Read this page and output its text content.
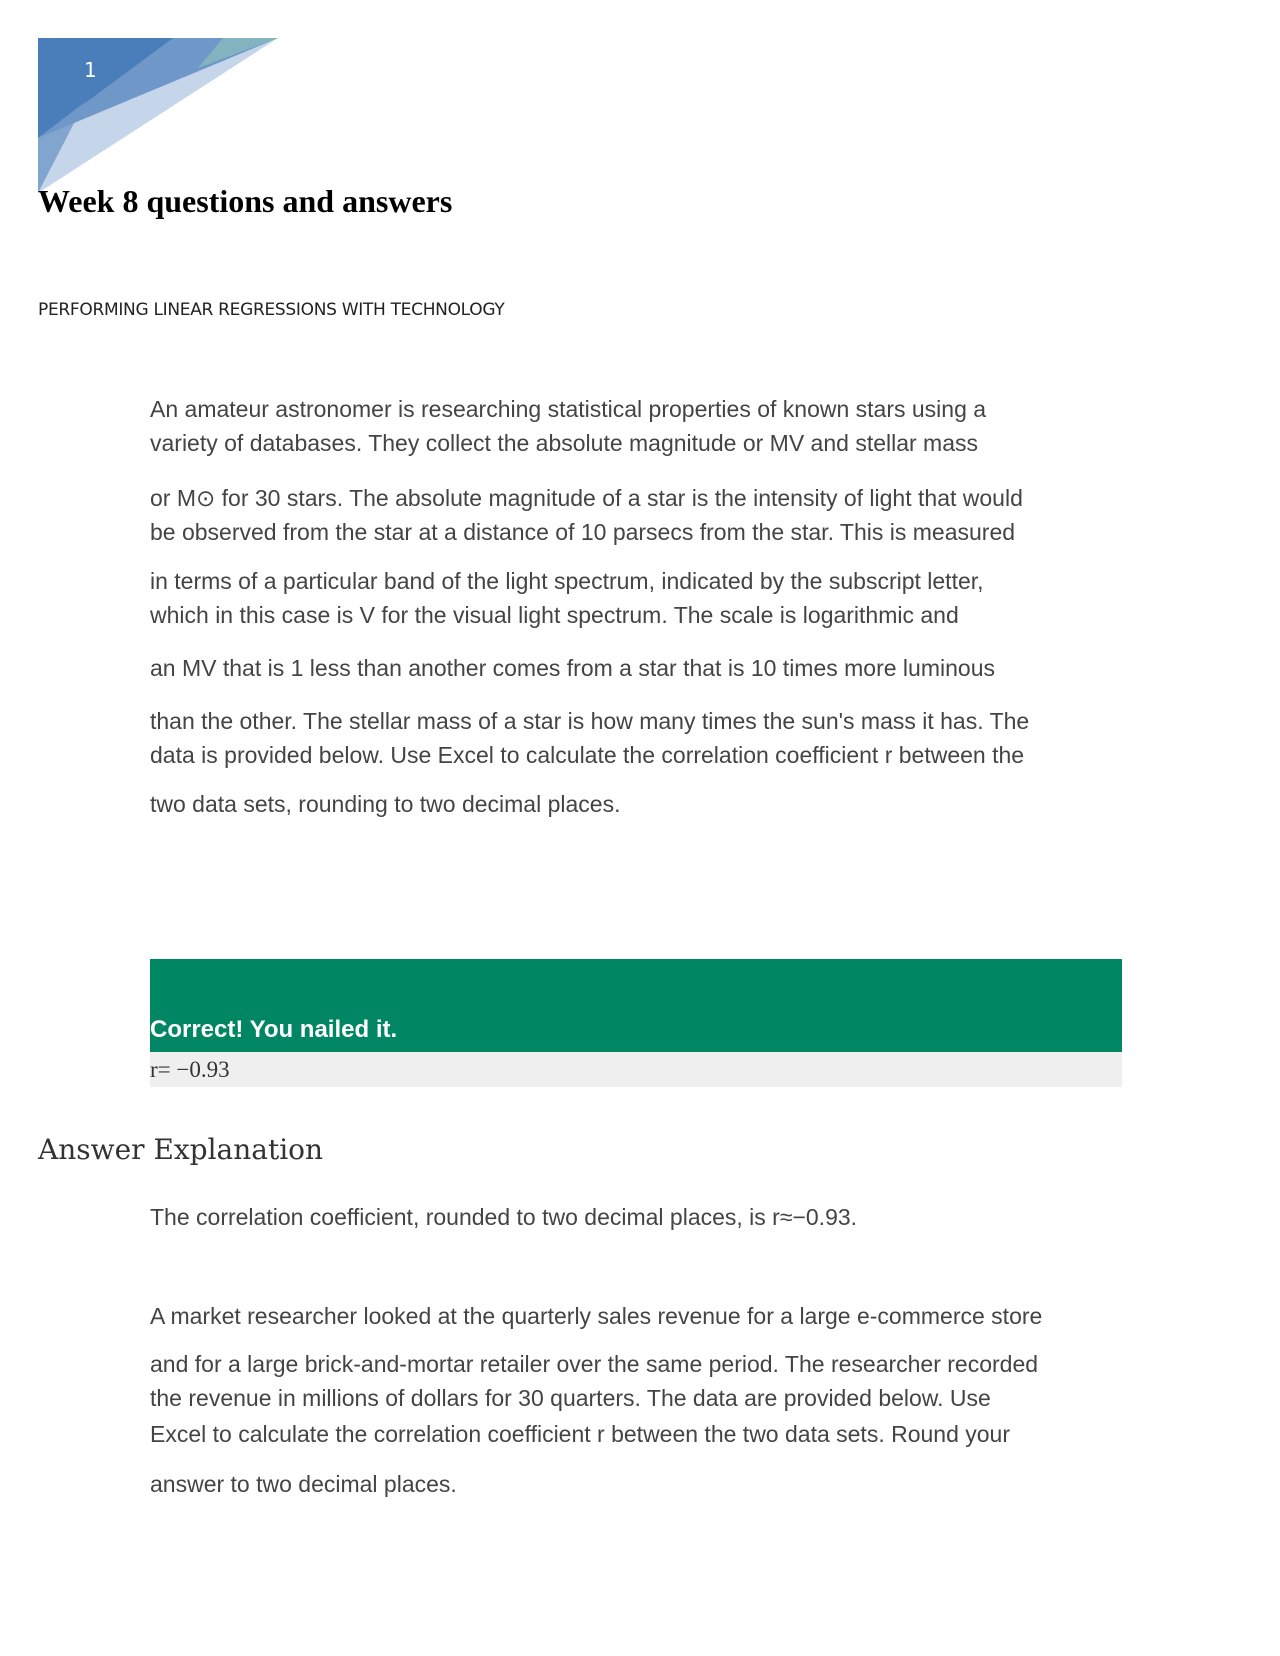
1
Week 8 questions and answers
PERFORMING LINEAR REGRESSIONS WITH TECHNOLOGY
An amateur astronomer is researching statistical properties of known stars using a
variety of databases. They collect the absolute magnitude or MV and stellar mass
or M⊙ for 30 stars. The absolute magnitude of a star is the intensity of light that would
be observed from the star at a distance of 10 parsecs from the star. This is measured
in terms of a particular band of the light spectrum, indicated by the subscript letter,
which in this case is V for the visual light spectrum. The scale is logarithmic and
an MV that is 1 less than another comes from a star that is 10 times more luminous
than the other. The stellar mass of a star is how many times the sun's mass it has. The
data is provided below. Use Excel to calculate the correlation coefficient r between the
two data sets, rounding to two decimal places.
Correct! You nailed it.
r= −0.93
Answer Explanation
The correlation coefficient, rounded to two decimal places, is r≈−0.93.
A market researcher looked at the quarterly sales revenue for a large e-commerce store
and for a large brick-and-mortar retailer over the same period. The researcher recorded
the revenue in millions of dollars for 30 quarters. The data are provided below. Use
Excel to calculate the correlation coefficient r between the two data sets. Round your
answer to two decimal places.
